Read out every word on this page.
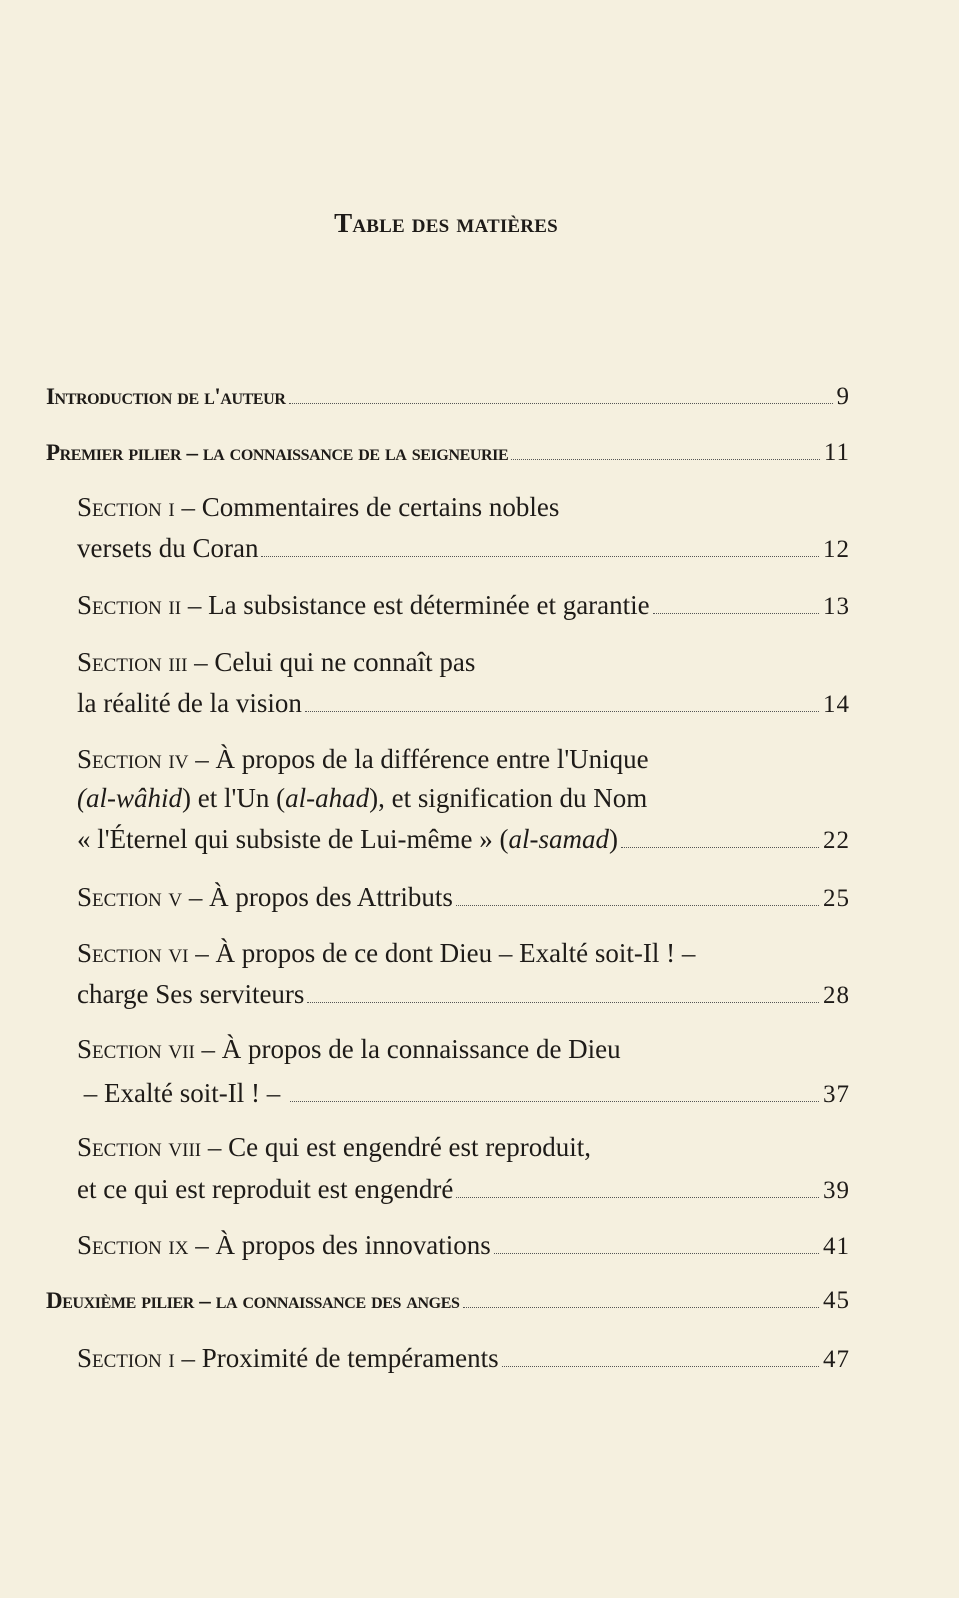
Table des matières
Introduction de l'auteur	9
Premier pilier – la connaissance de la seigneurie	11
Section i – Commentaires de certains nobles
versets du Coran	12
Section ii – La subsistance est déterminée et garantie	13
Section iii – Celui qui ne connaît pas
la réalité de la vision	14
Section iv – À propos de la différence entre l'Unique
(al-wâhid ) et l'Un ( al-ahad ), et signification du Nom
« l'Éternel qui subsiste de Lui-même » ( al-samad )	22
Section v – À propos des Attributs	25
Section vi – À propos de ce dont Dieu – Exalté soit-Il ! –
charge Ses serviteurs	28
Section vii – À propos de la connaissance de Dieu
– Exalté soit-Il ! –	37
Section viii – Ce qui est engendré est reproduit,
et ce qui est reproduit est engendré	39
Section ix – À propos des innovations	41
Deuxième pilier – la connaissance des anges	45
Section i – Proximité de tempéraments	47
